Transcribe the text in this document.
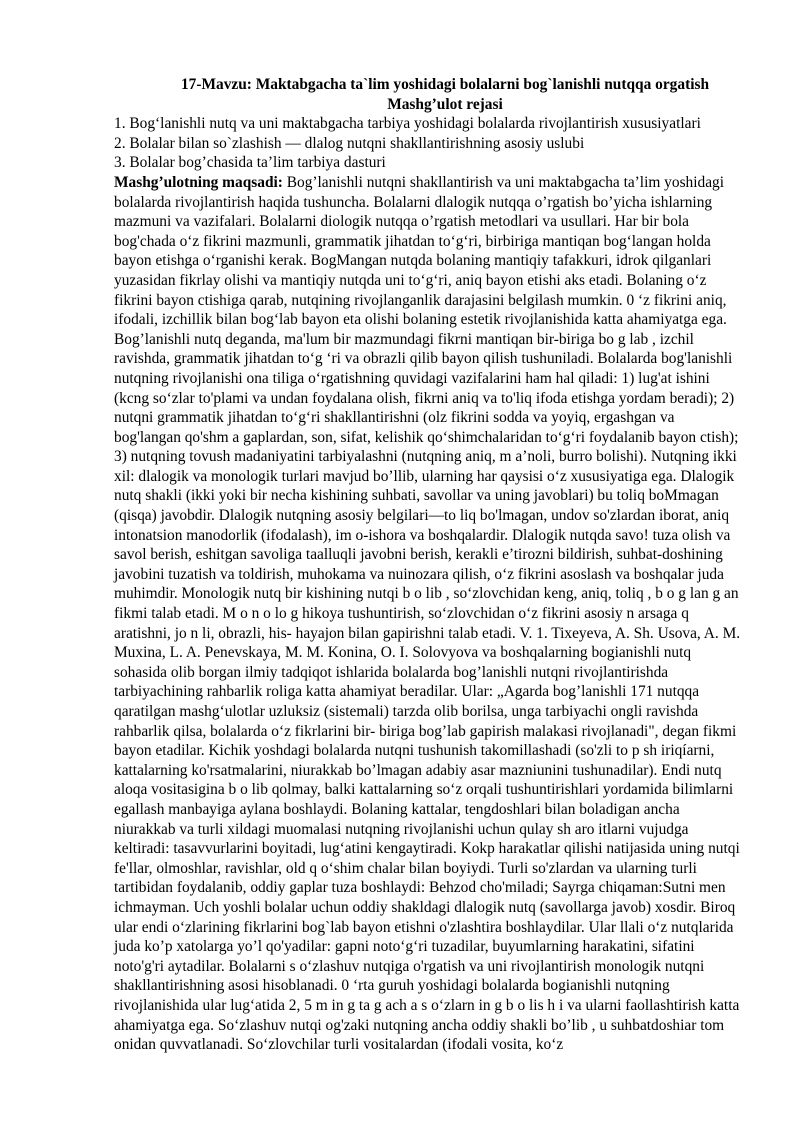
17-Mavzu: Maktabgacha ta`lim yoshidagi bolalarni bog`lanishli nutqqa orgatish

Mashg’ulot rejasi

1. Bog‘lanishli nutq va uni maktabgacha tarbiya yoshidagi bolalarda rivojlantirish xususiyatlari

2. Bolalar bilan so`zlashish — dlalog nutqni shakllantirishning asosiy uslubi

3. Bolalar bog’chasida ta’lim tarbiya dasturi

Mashg’ulotning maqsadi: Bog’lanishli nutqni shakllantirish va uni maktabgacha ta’lim yoshidagi bolalarda rivojlantirish haqida tushuncha. Bolalarni dlalogik nutqqa o’rgatish bo’yicha ishlarning mazmuni va vazifalari. Bolalarni diologik nutqqa o’rgatish metodlari va usullari. Har bir bola bog'chada o‘z fikrini mazmunli, grammatik jihatdan to‘g‘ri, birbiriga mantiqan bog‘langan holda bayon etishga o‘rganishi kerak. BogMangan nutqda bolaning mantiqiy tafakkuri, idrok qilganlari yuzasidan fikrlay olishi va mantiqiy nutqda uni to‘g‘ri, aniq bayon etishi aks etadi. Bolaning o‘z fikrini bayon ctishiga qarab, nutqining rivojlanganlik darajasini belgilash mumkin. 0 ‘z fikrini aniq, ifodali, izchillik bilan bog‘lab bayon eta olishi bolaning estetik rivojlanishida katta ahamiyatga ega. Bog’lanishli nutq deganda, ma'lum bir mazmundagi fikrni mantiqan bir-biriga bo g lab , izchil ravishda, grammatik jihatdan to‘g ‘ri va obrazli qilib bayon qilish tushuniladi. Bolalarda bog'lanishli nutqning rivojlanishi ona tiliga o‘rgatishning quvidagi vazifalarini ham hal qiladi: 1) lug'at ishini (kcng so‘zlar to'plami va undan foydalana olish, fikrni aniq va to'liq ifoda etishga yordam beradi); 2) nutqni grammatik jihatdan to‘g‘ri shakllantirishni (olz fikrini sodda va yoyiq, ergashgan va bog'langan qo'shm a gaplardan, son, sifat, kelishik qo‘shimchalaridan to‘g‘ri foydalanib bayon ctish); 3) nutqning tovush madaniyatini tarbiyalashni (nutqning aniq, m a’noli, burro bolishi). Nutqning ikki xil: dlalogik va monologik turlari mavjud bo’llib, ularning har qaysisi o‘z xususiyatiga ega. Dlalogik nutq shakli (ikki yoki bir necha kishining suhbati, savollar va uning javoblari) bu toliq boMmagan (qisqa) javobdir. Dlalogik nutqning asosiy belgilari—to liq bo'lmagan, undov so'zlardan iborat, aniq intonatsion manodorlik (ifodalash), im o-ishora va boshqalardir. Dlalogik nutqda savo! tuza olish va savol berish, eshitgan savoliga taalluqli javobni berish, kerakli e’tirozni bildirish, suhbat-doshining javobini tuzatish va toldirish, muhokama va nuinozara qilish, o‘z fikrini asoslash va boshqalar juda muhimdir. Monologik nutq bir kishining nutqi b o lib , so‘zlovchidan keng, aniq, toliq , b o g lan g an fikmi talab etadi. M o n o lo g hikoya tushuntirish, so‘zlovchidan o‘z fikrini asosiy n arsaga q aratishni, jo n li, obrazli, his- hayajon bilan gapirishni talab etadi. V. 1. Tixeyeva, A. Sh. Usova, A. M. Muxina, L. A. Penevskaya, M. M. Konina, O. I. Solovyova va boshqalarning bogianishli nutq sohasida olib borgan ilmiy tadqiqot ishlarida bolalarda bog’lanishli nutqni rivojlantirishda tarbiyachining rahbarlik roliga katta ahamiyat beradilar. Ular: „Agarda bog’lanishli 171 nutqqa qaratilgan mashg‘ulotlar uzluksiz (sistemali) tarzda olib borilsa, unga tarbiyachi ongli ravishda rahbarlik qilsa, bolalarda o‘z fikrlarini bir- biriga bog’lab gapirish malakasi rivojlanadi", degan fikmi bayon etadilar. Kichik yoshdagi bolalarda nutqni tushunish takomillashadi (so'zli to p sh iriqíarni, kattalarning ko'rsatmalarini, niurakkab bo’lmagan adabiy asar mazniunini tushunadilar). Endi nutq aloqa vositasigina b o lib qolmay, balki kattalarning so‘z orqali tushuntirishlari yordamida bilimlarni egallash manbayiga aylana boshlaydi. Bolaning kattalar, tengdoshlari bilan boladigan ancha niurakkab va turli xildagi muomalasi nutqning rivojlanishi uchun qulay sh aro itlarni vujudga keltiradi: tasavvurlarini boyitadi, lug‘atini kengaytiradi. Kokp harakatlar qilishi natijasida uning nutqi fe'llar, olmoshlar, ravishlar, old q o‘shim chalar bilan boyiydi. Turli so'zlardan va ularning turli tartibidan foydalanib, oddiy gaplar tuza boshlaydi: Behzod cho'miladi; Sayrga chiqaman:Sutni men ichmayman. Uch yoshli bolalar uchun oddiy shakldagi dlalogik nutq (savollarga javob) xosdir. Biroq ular endi o‘zlarining fikrlarini bog`lab bayon etishni o'zlashtira boshlaydilar. Ular llali o‘z nutqlarida juda ko’p xatolarga yo’l qo'yadilar: gapni noto‘g‘ri tuzadilar, buyumlarning harakatini, sifatini noto'g'ri aytadilar. Bolalarni s o‘zlashuv nutqiga o'rgatish va uni rivojlantirish monologik nutqni shakllantirishning asosi hisoblanadi. 0 ‘rta guruh yoshidagi bolalarda bogianishli nutqning rivojlanishida ular lug‘atida 2, 5 m in g ta g ach a s o‘zlarn in g b o lis h i va ularni faollashtirish katta ahamiyatga ega. So‘zlashuv nutqi og'zaki nutqning ancha oddiy shakli bo’lib , u suhbatdoshiar tom onidan quvvatlanadi. So‘zlovchilar turli vositalardan (ifodali vosita, ko‘z
